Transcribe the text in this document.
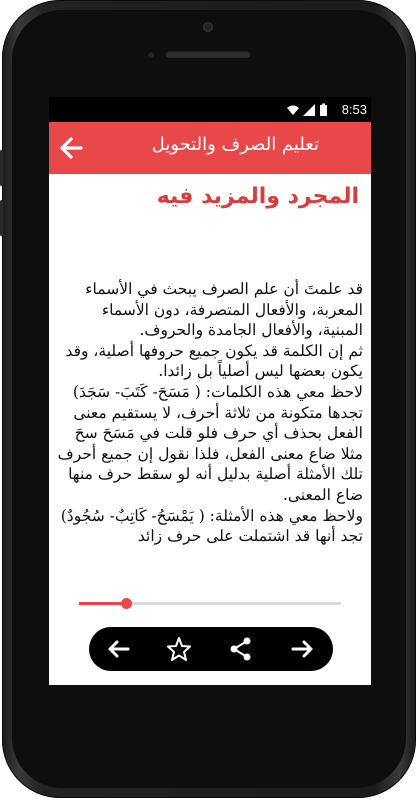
8:53
تعليم الصرف والتحويل
المجرد والمزيد فيه

قد علمتَ أن علم الصرف يبحث في الأسماء المعربة، والأفعال المتصرفة، دون الأسماء المبنية، والأفعال الجامدة والحروف.

ثم إن الكلمة قد يكون جميع حروفها أصلية، وقد يكون بعضها ليس أصلياً بل زائدا.

لاحظ معي هذه الكلمات: ( مَسَحَ- كَتَبَ- سَجَدَ) تجدها متكونة من ثلاثة أحرف، لا يستقيم معنى الفعل بحذف أي حرف فلو قلت في مَسَحَ سحَ مثلا ضاع معنى الفعل، فلذا نقول إن جميع أحرف تلك الأمثلة أصلية بدليل أنه لو سقط حرف منها ضاع المعنى.

ولاحظ معي هذه الأمثلة: ( يَمْسَحُ- كَاتِبٌ- سُجُودٌ) تجد أنها قد اشتملت على حرف زائد
